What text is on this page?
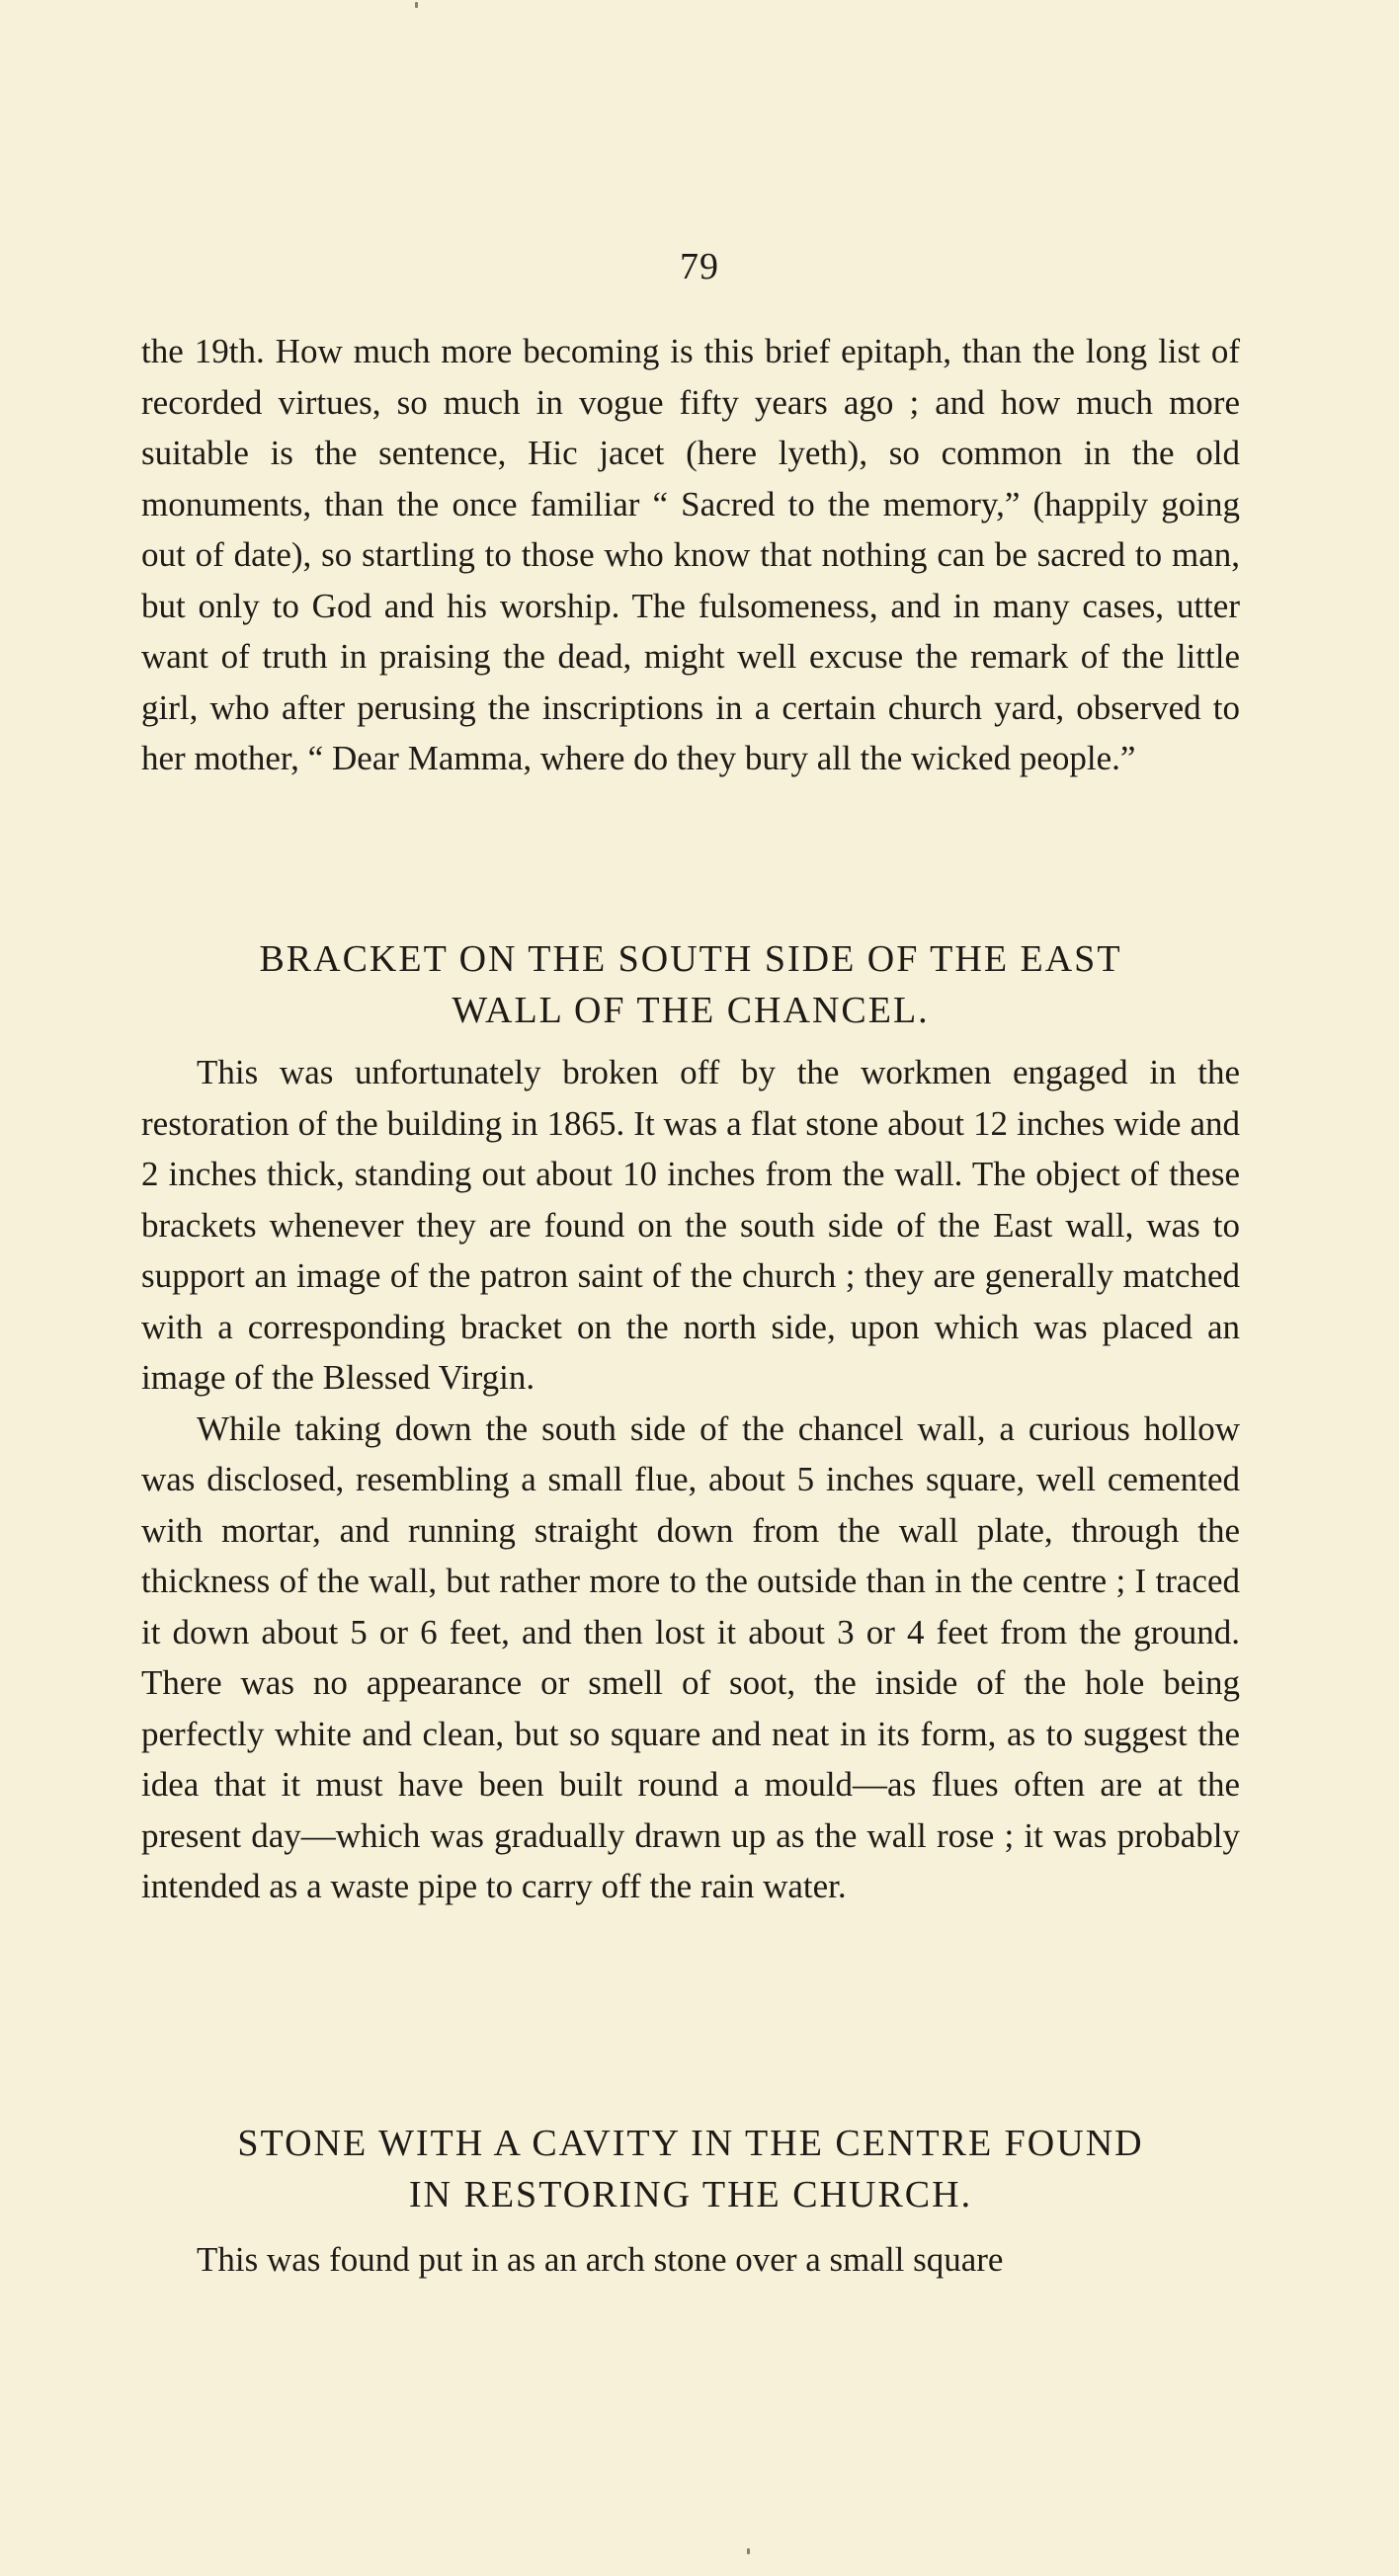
79

the 19th. How much more becoming is this brief epitaph, than the long list of recorded virtues, so much in vogue fifty years ago ; and how much more suitable is the sentence, Hic jacet (here lyeth), so common in the old monuments, than the once familiar “ Sacred to the memory,” (happily going out of date), so startling to those who know that nothing can be sacred to man, but only to God and his worship. The fulsomeness, and in many cases, utter want of truth in praising the dead, might well excuse the remark of the little girl, who after perusing the inscriptions in a certain church yard, observed to her mother, “ Dear Mamma, where do they bury all the wicked people.”

BRACKET ON THE SOUTH SIDE OF THE EAST
WALL OF THE CHANCEL.

This was unfortunately broken off by the workmen engaged in the restoration of the building in 1865. It was a flat stone about 12 inches wide and 2 inches thick, standing out about 10 inches from the wall. The object of these brackets whenever they are found on the south side of the East wall, was to support an image of the patron saint of the church ; they are generally matched with a corresponding bracket on the north side, upon which was placed an image of the Blessed Virgin.

While taking down the south side of the chancel wall, a curious hollow was disclosed, resembling a small flue, about 5 inches square, well cemented with mortar, and running straight down from the wall plate, through the thickness of the wall, but rather more to the outside than in the centre ; I traced it down about 5 or 6 feet, and then lost it about 3 or 4 feet from the ground. There was no appearance or smell of soot, the inside of the hole being perfectly white and clean, but so square and neat in its form, as to suggest the idea that it must have been built round a mould—as flues often are at the present day—which was gradually drawn up as the wall rose ; it was probably intended as a waste pipe to carry off the rain water.

STONE WITH A CAVITY IN THE CENTRE FOUND
IN RESTORING THE CHURCH.

This was found put in as an arch stone over a small square
